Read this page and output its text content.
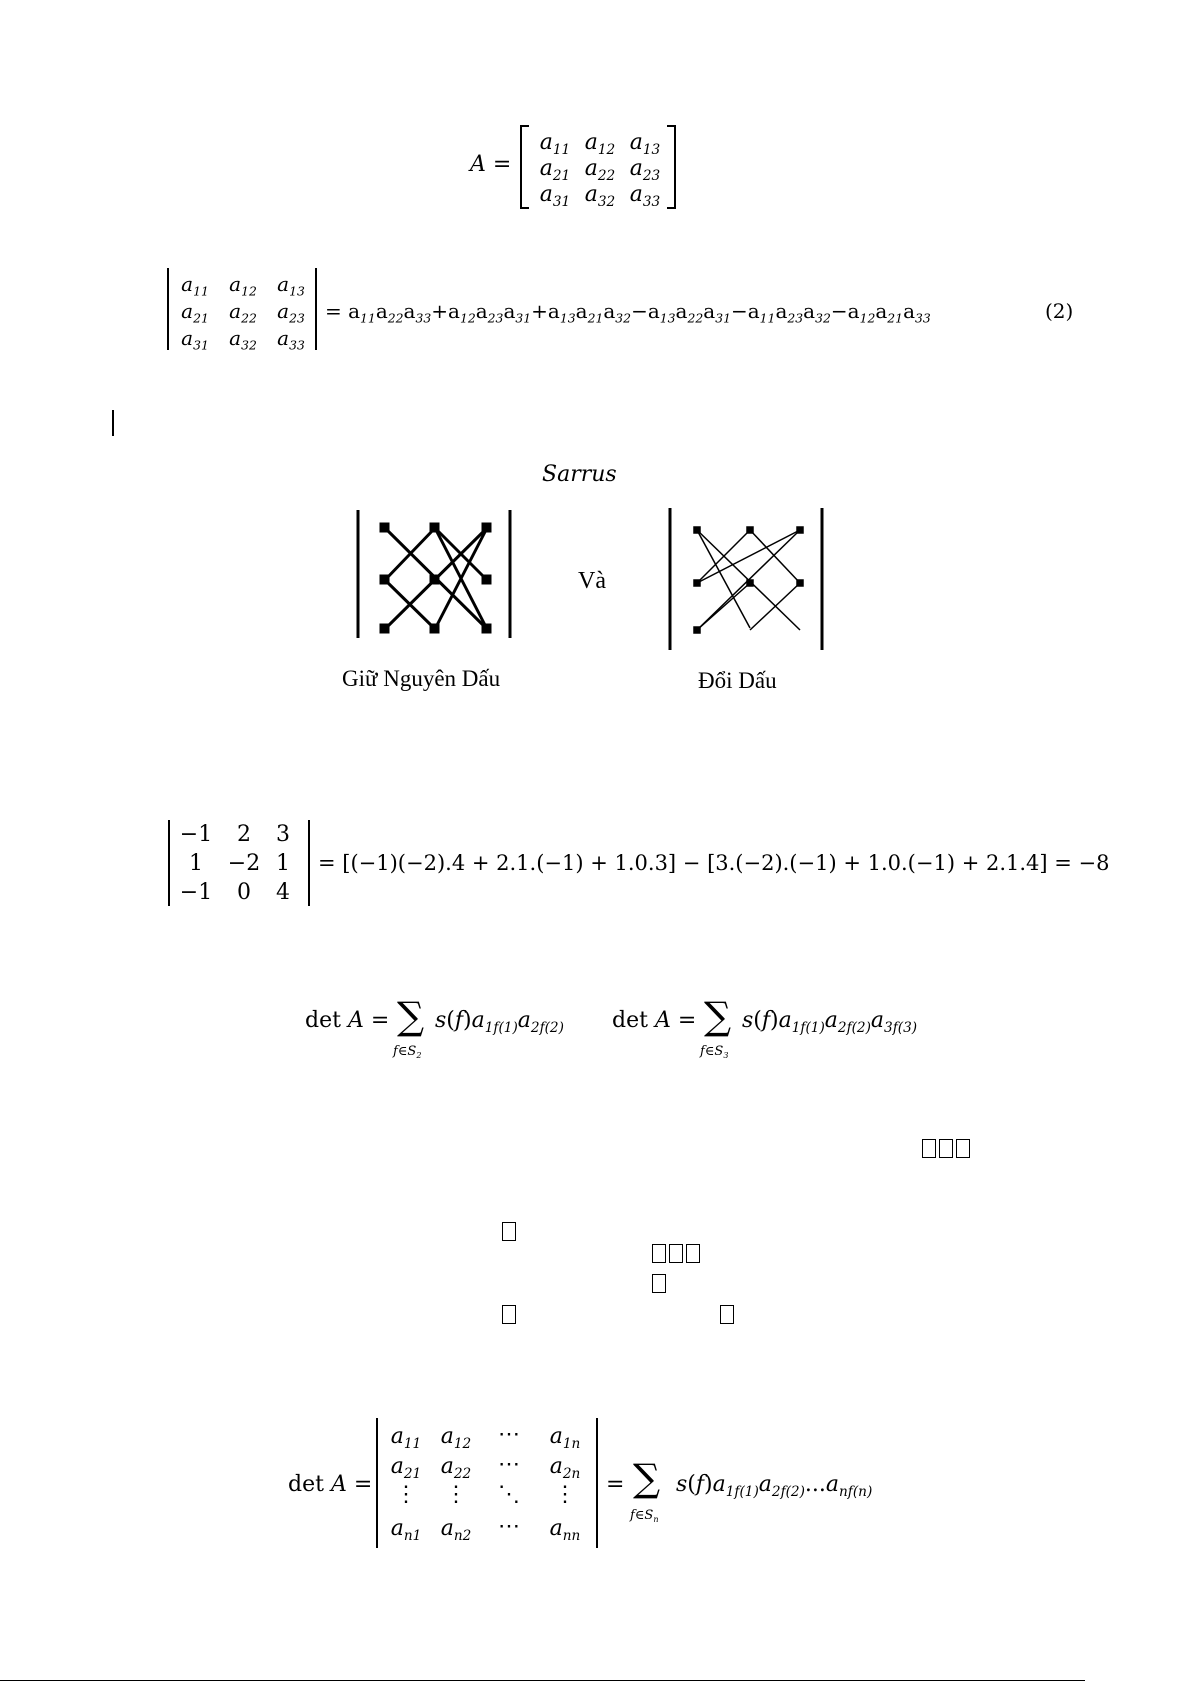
A =
$a_{11}$ $a_{12}$ $a_{13}$
$a_{21}$ $a_{22}$ $a_{23}$
$a_{31}$ $a_{32}$ $a_{33}$
$a_{11}$	$a_{12}$	$a_{13}$
$a_{21}$	$a_{22}$	$a_{23}$
$a_{31}$	$a_{32}$	$a_{33}$
= $a_{11}a_{22}a_{33}+a_{12}a_{23}a_{31}+a_{13}a_{21}a_{32}-a_{13}a_{22}a_{31}-a_{11}a_{23}a_{32}-a_{12}a_{21}a_{33}$	(2)
Sarrus
Và
Giữ Nguyên Dấu	Đổi Dấu
−1	2	3
1	−2 1
−1	0	4
= [(−1)(−2).4 + 2.1.(−1) + 1.0.3] − [3.(−2).(−1) + 1.0.(−1) + 2.1.4] = −8
det A = ∑
$f\in S_2$
$s(f)a_{1f(1)}a_{2f(2)}$ det A = ∑
$f\in S_3$
$s(f)a_{1f(1)}a_{2f(2)}a_{3f(3)}$
det A =
$a_{11}$ $a_{12}$	⋯	$a_{1n}$
$a_{21}$ $a_{22}$	⋯	$a_{2n}$
⋮	⋮	⋱	⋮
$a_{n1}$ $a_{n2}$	⋯	$a_{nn}$
= ∑
$f\in S_n$
$s(f)a_{1f(1)}a_{2f(2)}...a_{nf(n)}$
